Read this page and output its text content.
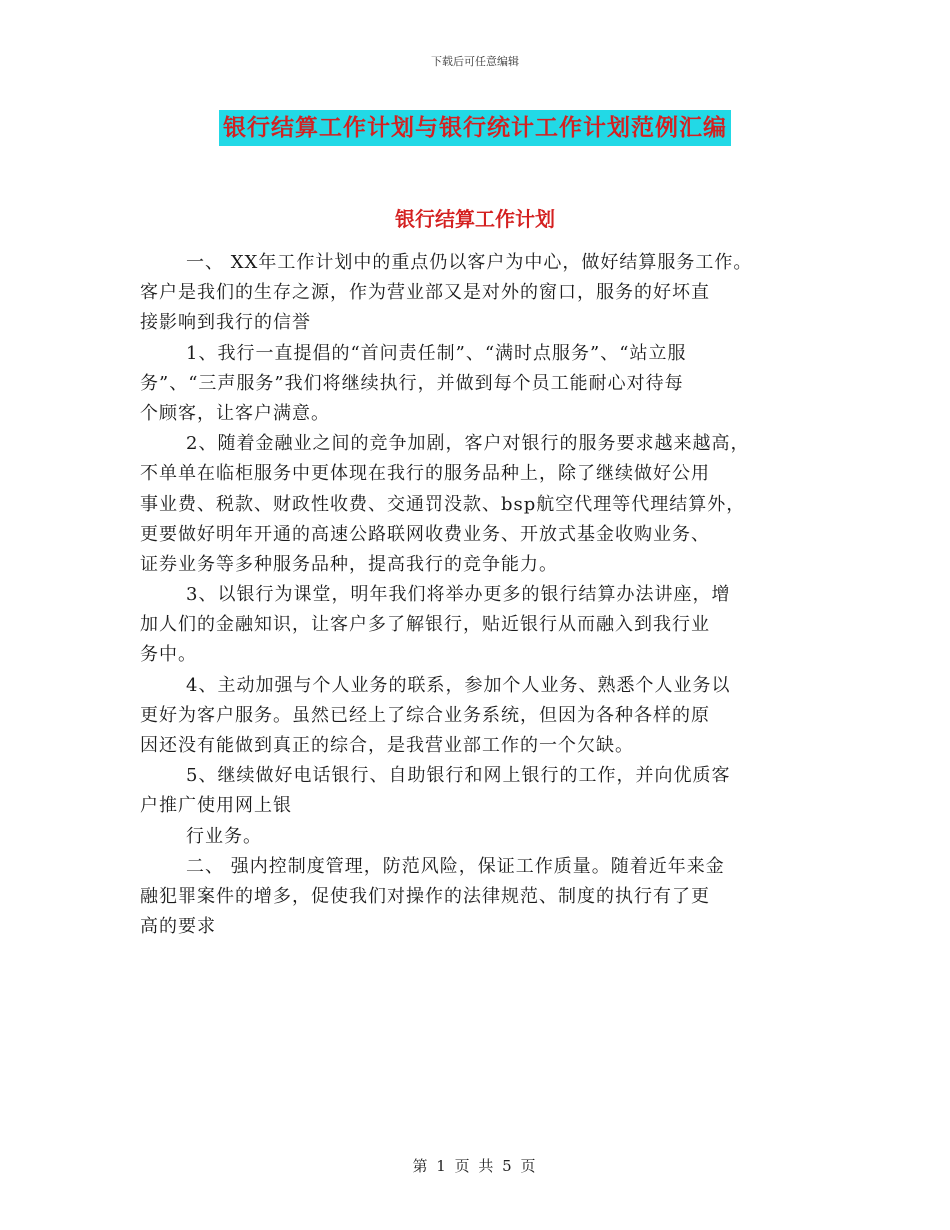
下载后可任意编辑
银行结算工作计划与银行统计工作计划范例汇编
银行结算工作计划
一、 XX年工作计划中的重点仍以客户为中心，做好结算服务工作。
客户是我们的生存之源，作为营业部又是对外的窗口，服务的好坏直
接影响到我行的信誉
1、我行一直提倡的“首问责任制”、“满时点服务”、“站立服
务”、“三声服务”我们将继续执行，并做到每个员工能耐心对待每
个顾客，让客户满意。
2、随着金融业之间的竞争加剧，客户对银行的服务要求越来越高，
不单单在临柜服务中更体现在我行的服务品种上，除了继续做好公用
事业费、税款、财政性收费、交通罚没款、bsp航空代理等代理结算外，
更要做好明年开通的高速公路联网收费业务、开放式基金收购业务、
证券业务等多种服务品种，提高我行的竞争能力。
3、以银行为课堂，明年我们将举办更多的银行结算办法讲座，增
加人们的金融知识，让客户多了解银行，贴近银行从而融入到我行业
务中。
4、主动加强与个人业务的联系，参加个人业务、熟悉个人业务以
更好为客户服务。虽然已经上了综合业务系统，但因为各种各样的原
因还没有能做到真正的综合，是我营业部工作的一个欠缺。
5、继续做好电话银行、自助银行和网上银行的工作，并向优质客
户推广使用网上银
行业务。
二、 强内控制度管理，防范风险，保证工作质量。随着近年来金
融犯罪案件的增多，促使我们对操作的法律规范、制度的执行有了更
高的要求
第 1 页 共 5 页
